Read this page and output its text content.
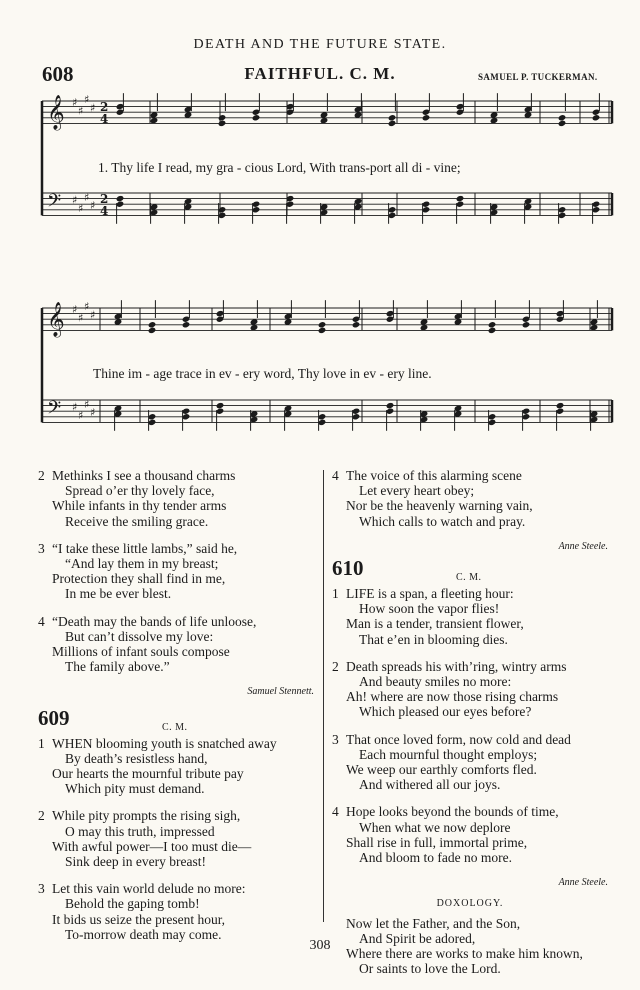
DEATH AND THE FUTURE STATE.
608	FAITHFUL. C. M.	SAMUEL P. TUCKERMAN.
𝄞 ♯
♯
♯
♯ 2
4
𝄢 ♯
♯
♯
♯ 2
4
1. Thy life I read, my gra - cious Lord, With trans-port all di - vine;
𝄞 ♯
♯
♯
♯
𝄢 ♯
♯
♯
♯
Thine im - age trace in ev - ery word, Thy love in ev - ery line.
2 Methinks I see a thousand charms
Spread o’er thy lovely face,
While infants in thy tender arms
Receive the smiling grace.
3 “I take these little lambs,” said he,
“And lay them in my breast;
Protection they shall find in me,
In me be ever blest.
4 “Death may the bands of life unloose,
But can’t dissolve my love:
Millions of infant souls compose
The family above.”
Samuel Stennett.
609	C. M.
1 WHEN blooming youth is snatched away
By death’s resistless hand,
Our hearts the mournful tribute pay
Which pity must demand.
2 While pity prompts the rising sigh,
O may this truth, impressed
With awful power—I too must die—
Sink deep in every breast!
3 Let this vain world delude no more:
Behold the gaping tomb!
It bids us seize the present hour,
To-morrow death may come.
4 The voice of this alarming scene
Let every heart obey;
Nor be the heavenly warning vain,
Which calls to watch and pray.
Anne Steele.
610	C. M.
1 LIFE is a span, a fleeting hour:
How soon the vapor flies!
Man is a tender, transient flower,
That e’en in blooming dies.
2 Death spreads his with’ring, wintry arms
And beauty smiles no more:
Ah! where are now those rising charms
Which pleased our eyes before?
3 That once loved form, now cold and dead
Each mournful thought employs;
We weep our earthly comforts fled.
And withered all our joys.
4 Hope looks beyond the bounds of time,
When what we now deplore
Shall rise in full, immortal prime,
And bloom to fade no more.
Anne Steele.
DOXOLOGY.
Now let the Father, and the Son,
And Spirit be adored,
Where there are works to make him known,
Or saints to love the Lord.
308
